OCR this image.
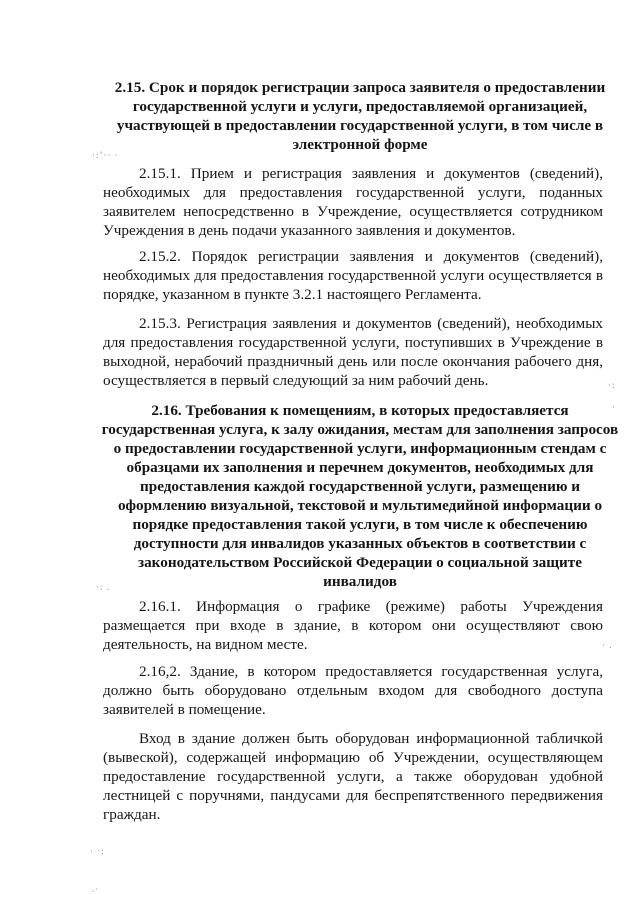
2.15. Срок и порядок регистрации запроса заявителя о предоставлении государственной услуги и услуги, предоставляемой организацией, участвующей в предоставлении государственной услуги, в том числе в электронной форме

2.15.1. Прием и регистрация заявления и документов (сведений), необходимых для предоставления государственной услуги, поданных заявителем непосредственно в Учреждение, осуществляется сотрудником Учреждения в день подачи указанного заявления и документов.

2.15.2. Порядок регистрации заявления и документов (сведений), необходимых для предоставления государственной услуги осуществляется в порядке, указанном в пункте 3.2.1 настоящего Регламента.

2.15.3. Регистрация заявления и документов (сведений), необходимых для предоставления государственной услуги, поступивших в Учреждение в выходной, нерабочий праздничный день или после окончания рабочего дня, осуществляется в первый следующий за ним рабочий день.

2.16. Требования к помещениям, в которых предоставляется государственная услуга, к залу ожидания, местам для заполнения запросов о предоставлении государственной услуги, информационным стендам с образцами их заполнения и перечнем документов, необходимых для предоставления каждой государственной услуги, размещению и оформлению визуальной, текстовой и мультимедийной информации о порядке предоставления такой услуги, в том числе к обеспечению доступности для инвалидов указанных объектов в соответствии с законодательством Российской Федерации о социальной защите инвалидов

2.16.1. Информация о графике (режиме) работы Учреждения размещается при входе в здание, в котором они осуществляют свою деятельность, на видном месте.

2.16,2. Здание, в котором предоставляется государственная услуга, должно быть оборудовано отдельным входом для свободного доступа заявителей в помещение.

Вход в здание должен быть оборудован информационной табличкой (вывеской), содержащей информацию об Учреждении, осуществляющем предоставление государственной услуги, а также оборудован удобной лестницей с поручнями, пандусами для беспрепятственного передвижения граждан.

·:ʼ·· ·
·:
·
· .
·: .
· ·:
.·
